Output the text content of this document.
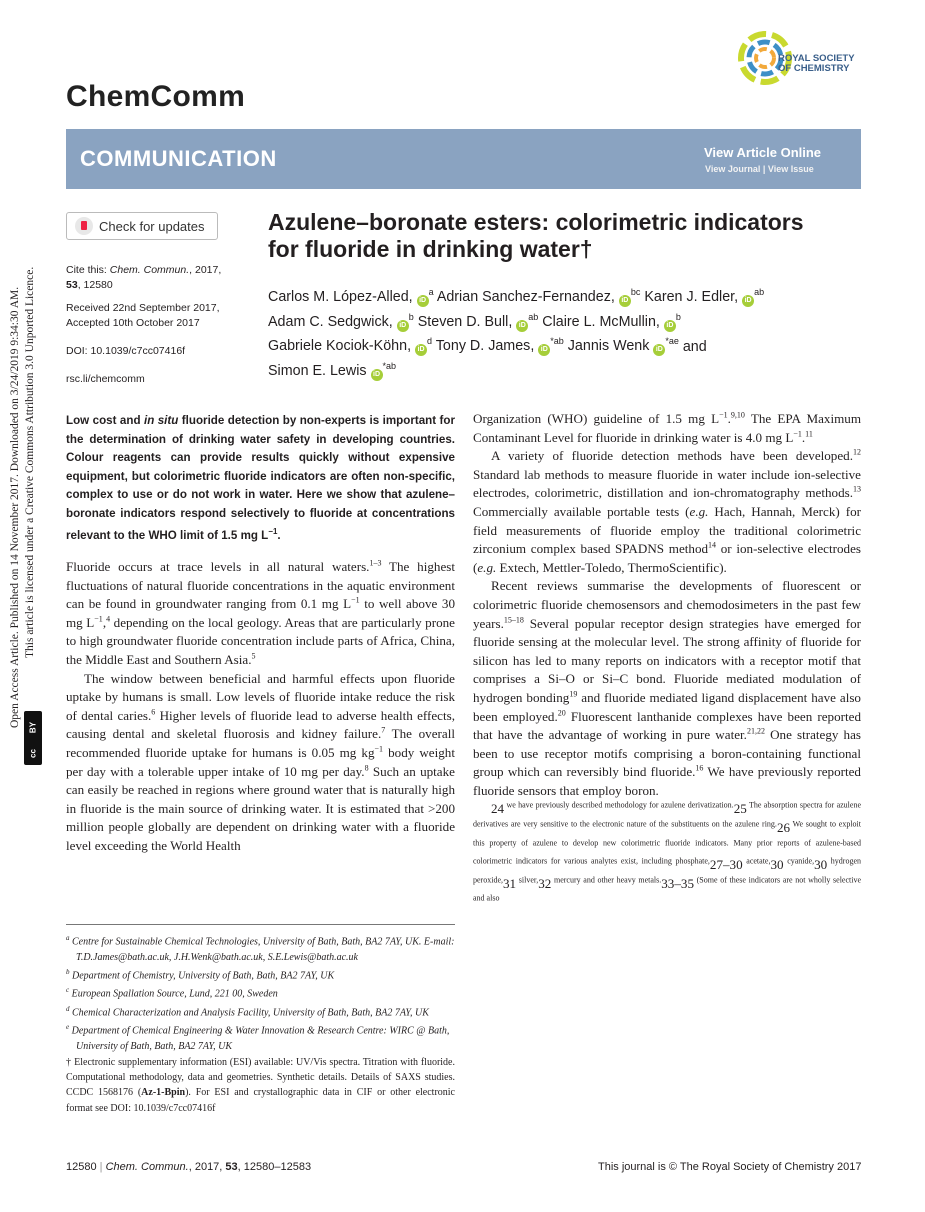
Open Access Article. Published on 14 November 2017. Downloaded on 3/24/2019 9:34:30 AM. This article is licensed under a Creative Commons Attribution 3.0 Unported Licence.
cc
BY
ChemComm
ROYAL SOCIETY
OF CHEMISTRY
COMMUNICATION	View Article Online
View Journal | View Issue
Check for updates
Cite this: Chem. Commun., 2017,
53, 12580
Received 22nd September 2017,
Accepted 10th October 2017
DOI: 10.1039/c7cc07416f
rsc.li/chemcomm
Azulene–boronate esters: colorimetric indicators
for fluoride in drinking water†
Carlos M. López-Alled, $iD^a$ Adrian Sanchez-Fernandez, $iD^{bc}$ Karen J. Edler, $iD^{ab}$
Adam C. Sedgwick, $iD^b$ Steven D. Bull, $iD^{ab}$ Claire L. McMullin, $iD^b$
Gabriele Kociok-Köhn, $iD^d$ Tony D. James, $iD^{*ab}$ Jannis Wenk $iD^{*ae}$ and
Simon E. Lewis $iD^{*ab}$
Low cost and in situ fluoride detection by non-experts is important for the determination of drinking water safety in developing countries. Colour reagents can provide results quickly without expensive equipment, but colorimetric fluoride indicators are often non-specific, complex to use or do not work in water. Here we show that azulene–boronate indicators respond selectively to fluoride at concentrations relevant to the WHO limit of 1.5 mg $L^{-1}$.

Fluoride occurs at trace levels in all natural waters.$^{1-3}$ The highest fluctuations of natural fluoride concentrations in the aquatic environment can be found in groundwater ranging from 0.1 mg $L^{-1}$ to well above 30 mg $L^{-1},^4$ depending on the local geology. Areas that are particularly prone to high groundwater fluoride concentration include parts of Africa, China, the Middle East and Southern Asia.$^5$

The window between beneficial and harmful effects upon fluoride uptake by humans is small. Low levels of fluoride intake reduce the risk of dental caries.$^6$ Higher levels of fluoride lead to adverse health effects, causing dental and skeletal fluorosis and kidney failure.$^7$ The overall recommended fluoride uptake for humans is 0.05 mg $kg^{-1}$ body weight per day with a tolerable upper intake of 10 mg per day.$^8$ Such an uptake can easily be reached in regions where ground water that is naturally high in fluoride is the main source of drinking water. It is estimated that >200 million people globally are dependent on drinking water with a fluoride level exceeding the World Health

Organization (WHO) guideline of 1.5 mg $L^{-1}.^{9,10}$ The EPA Maximum Contaminant Level for fluoride in drinking water is 4.0 mg $L^{-1}.^{11}$

A variety of fluoride detection methods have been developed.$^{12}$ Standard lab methods to measure fluoride in water include ion-selective electrodes, colorimetric, distillation and ion-chromatography methods.$^{13}$ Commercially available portable tests (e.g. Hach, Hannah, Merck) for field measurements of fluoride employ the traditional colorimetric zirconium complex based SPADNS method$^{14}$ or ion-selective electrodes (e.g. Extech, Mettler-Toledo, ThermoScientific).

Recent reviews summarise the developments of fluorescent or colorimetric fluoride chemosensors and chemodosimeters in the past few years.$^{15-18}$ Several popular receptor design strategies have emerged for fluoride sensing at the molecular level. The strong affinity of fluoride for silicon has led to many reports on indicators with a receptor motif that comprises a Si–O or Si–C bond. Fluoride mediated modulation of hydrogen bonding$^{19}$ and fluoride mediated ligand displacement have also been employed.$^{20}$ Fluorescent lanthanide complexes have been reported that have the advantage of working in pure water.$^{21,22}$ One strategy has been to use receptor motifs comprising a boron-containing functional group which can reversibly bind fluoride.$^{16}$ We have previously reported fluoride sensors that employ boron.

24 $^{we have previously described methodology for azulene derivatization.}$25 $^{The absorption spectra for azulene derivatives are very sensitive to the electronic nature of the substituents on the azulene ring.}$26 $^{We sought to exploit this property of azulene to develop new colorimetric fluoride indicators. Many prior reports of azulene-based colorimetric indicators for various analytes exist, including phosphate,}$27–30 $^{acetate,}$30 $^{cyanide,}$30 $^{hydrogen peroxide,}$31 $^{silver,}$32 $^{mercury and other heavy metals.}$33–35 $^{(Some of these indicators are not wholly selective and also}$

$^a$ Centre for Sustainable Chemical Technologies, University of Bath, Bath, BA2 7AY, UK. E-mail: T.D.James@bath.ac.uk, J.H.Wenk@bath.ac.uk, S.E.Lewis@bath.ac.uk
$^b$ Department of Chemistry, University of Bath, Bath, BA2 7AY, UK
$^c$ European Spallation Source, Lund, 221 00, Sweden
$^d$ Chemical Characterization and Analysis Facility, University of Bath, Bath, BA2 7AY, UK
$^e$ Department of Chemical Engineering & Water Innovation & Research Centre: WIRC @ Bath, University of Bath, Bath, BA2 7AY, UK
† Electronic supplementary information (ESI) available: UV/Vis spectra. Titration with fluoride. Computational methodology, data and geometries. Synthetic details. Details of SAXS studies. CCDC 1568176 (Az-1-Bpin). For ESI and crystallographic data in CIF or other electronic format see DOI: 10.1039/c7cc07416f
12580 | Chem. Commun., 2017, 53, 12580–12583	This journal is © The Royal Society of Chemistry 2017
